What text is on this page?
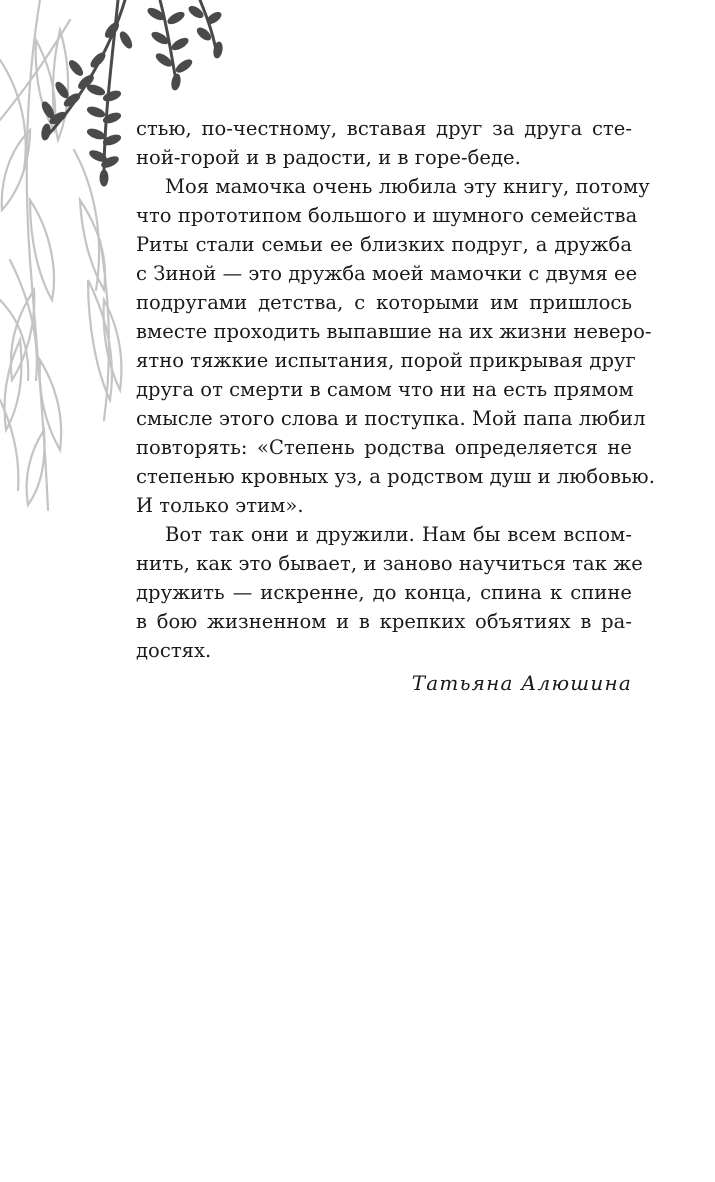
стью, по-честному, вставая друг за друга сте-
ной-горой и в радости, и в горе-беде.
Моя мамочка очень любила эту книгу, потому
что прототипом большого и шумного семейства
Риты стали семьи ее близких подруг, а дружба
с Зиной — это дружба моей мамочки с двумя ее
подругами детства, с которыми им пришлось
вместе проходить выпавшие на их жизни неверо-
ятно тяжкие испытания, порой прикрывая друг
друга от смерти в самом что ни на есть прямом
смысле этого слова и поступка. Мой папа любил
повторять: «Степень родства определяется не
степенью кровных уз, а родством душ и любовью.
И только этим».
Вот так они и дружили. Нам бы всем вспом-
нить, как это бывает, и заново научиться так же
дружить — искренне, до конца, спина к спине
в бою жизненном и в крепких объятиях в ра-
достях.
Татьяна Алюшина
